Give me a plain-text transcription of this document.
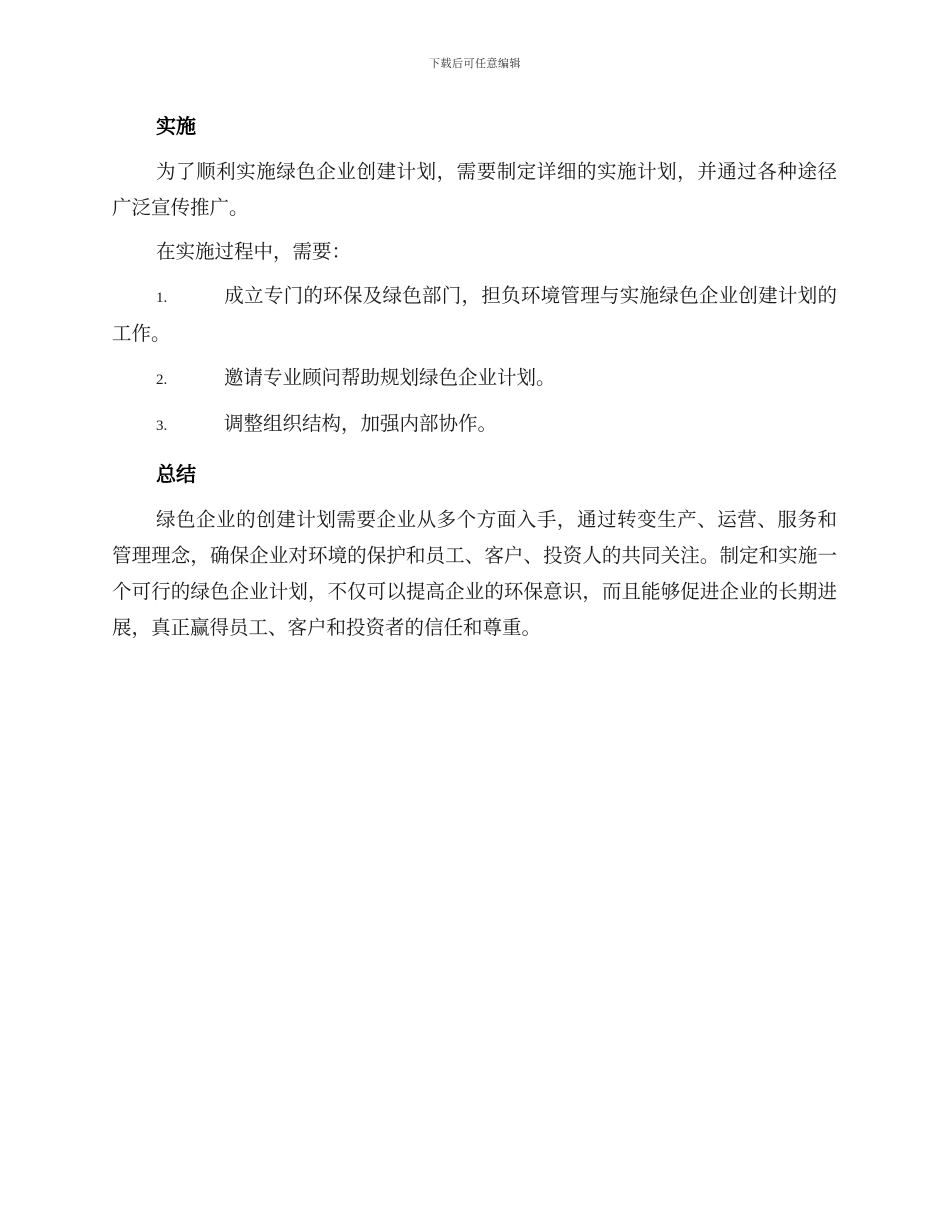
下载后可任意编辑
实施

为了顺利实施绿色企业创建计划，需要制定详细的实施计划，并通过各种途径广泛宣传推广。

在实施过程中，需要：

1.	成立专门的环保及绿色部门，担负环境管理与实施绿色企业创建计划的工作。
2.	邀请专业顾问帮助规划绿色企业计划。
3.	调整组织结构，加强内部协作。
总结

绿色企业的创建计划需要企业从多个方面入手，通过转变生产、运营、服务和管理理念，确保企业对环境的保护和员工、客户、投资人的共同关注。制定和实施一个可行的绿色企业计划，不仅可以提高企业的环保意识，而且能够促进企业的长期进展，真正赢得员工、客户和投资者的信任和尊重。
